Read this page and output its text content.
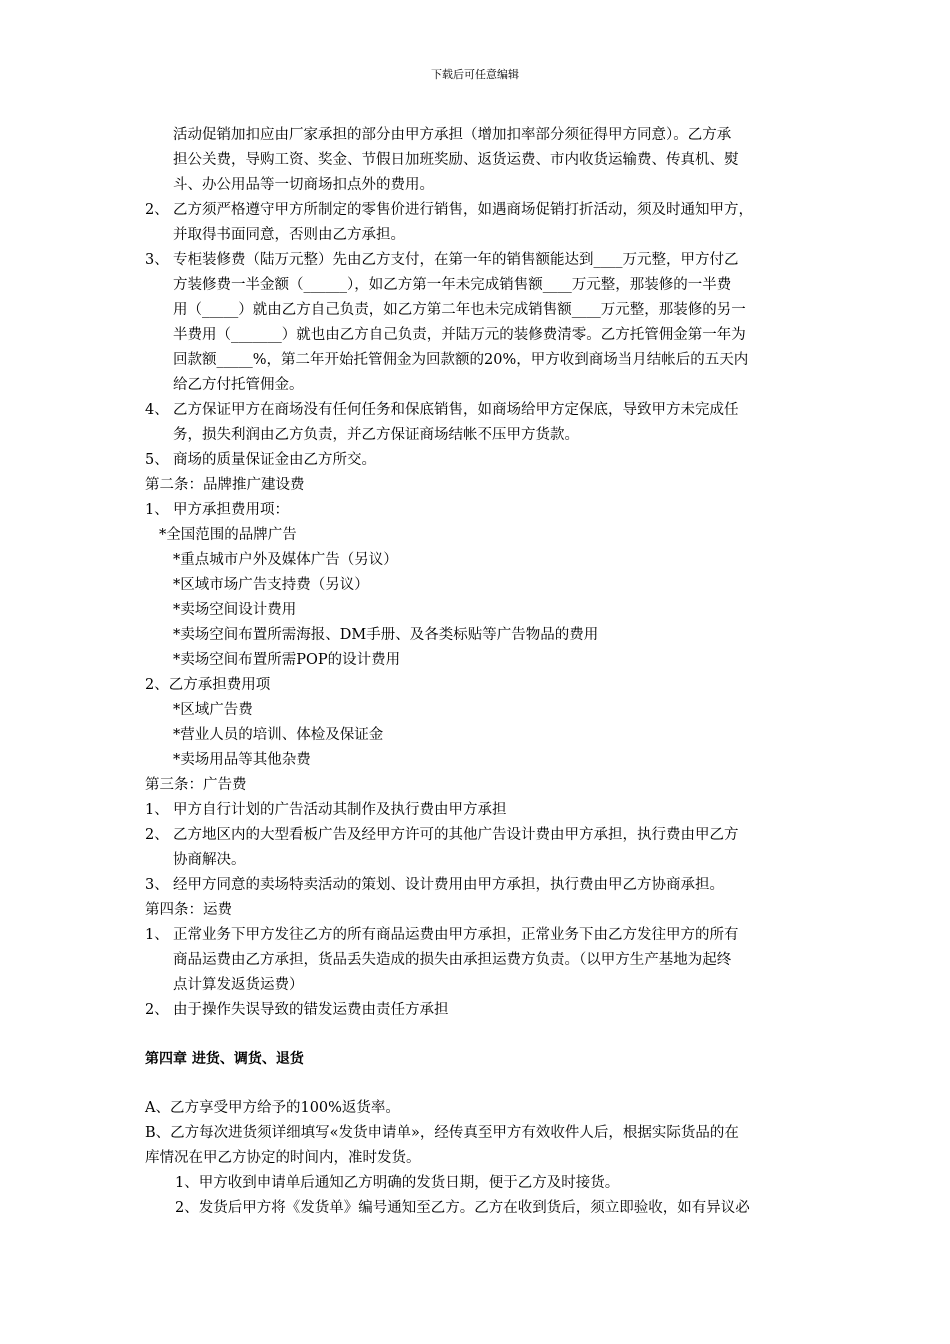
下载后可任意编辑
活动促销加扣应由厂家承担的部分由甲方承担（增加扣率部分须征得甲方同意）。乙方承
担公关费，导购工资、奖金、节假日加班奖励、返货运费、市内收货运输费、传真机、熨
斗、办公用品等一切商场扣点外的费用。
2、 乙方须严格遵守甲方所制定的零售价进行销售，如遇商场促销打折活动，须及时通知甲方，
并取得书面同意，否则由乙方承担。
3、 专柜装修费（陆万元整）先由乙方支付，在第一年的销售额能达到____万元整，甲方付乙
方装修费一半金额（______），如乙方第一年未完成销售额____万元整，那装修的一半费
用（_____）就由乙方自己负责，如乙方第二年也未完成销售额____万元整，那装修的另一
半费用（_______）就也由乙方自己负责，并陆万元的装修费清零。乙方托管佣金第一年为
回款额_____%，第二年开始托管佣金为回款额的20%，甲方收到商场当月结帐后的五天内
给乙方付托管佣金。
4、 乙方保证甲方在商场没有任何任务和保底销售，如商场给甲方定保底，导致甲方未完成任
务，损失利润由乙方负责，并乙方保证商场结帐不压甲方货款。
5、 商场的质量保证金由乙方所交。
第二条：品牌推广建设费
1、 甲方承担费用项：
*全国范围的品牌广告
*重点城市户外及媒体广告（另议）
*区域市场广告支持费（另议）
*卖场空间设计费用
*卖场空间布置所需海报、DM手册、及各类标贴等广告物品的费用
*卖场空间布置所需POP的设计费用
2、乙方承担费用项
*区域广告费
*营业人员的培训、体检及保证金
*卖场用品等其他杂费
第三条：广告费
1、 甲方自行计划的广告活动其制作及执行费由甲方承担
2、 乙方地区内的大型看板广告及经甲方许可的其他广告设计费由甲方承担，执行费由甲乙方
协商解决。
3、 经甲方同意的卖场特卖活动的策划、设计费用由甲方承担，执行费由甲乙方协商承担。
第四条：运费
1、 正常业务下甲方发往乙方的所有商品运费由甲方承担，正常业务下由乙方发往甲方的所有
商品运费由乙方承担，货品丢失造成的损失由承担运费方负责。（以甲方生产基地为起终
点计算发返货运费）
2、 由于操作失误导致的错发运费由责任方承担
第四章 进货、调货、退货
A、乙方享受甲方给予的100%返货率。
B、乙方每次进货须详细填写«发货申请单»，经传真至甲方有效收件人后，根据实际货品的在
库情况在甲乙方协定的时间内，准时发货。
1、甲方收到申请单后通知乙方明确的发货日期，便于乙方及时接货。
2、发货后甲方将《发货单》编号通知至乙方。乙方在收到货后，须立即验收，如有异议必
